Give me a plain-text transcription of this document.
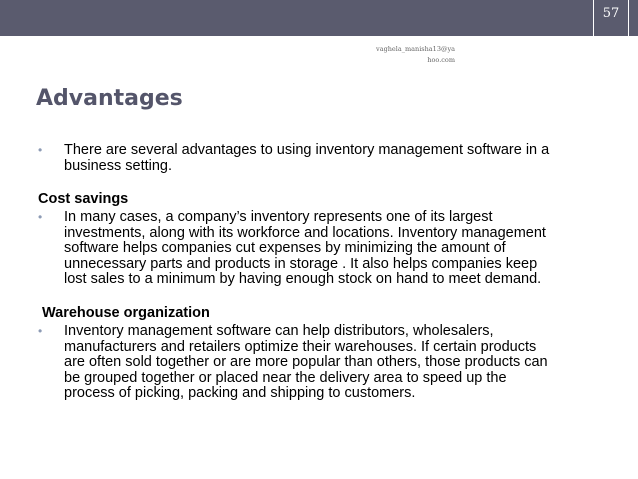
57
vaghela_manisha13@ya
hoo.com
Advantages
• There are several advantages to using inventory management software in a
business setting.
Cost savings
• In many cases, a company’s inventory represents one of its largest
investments, along with its workforce and locations. Inventory management
software helps companies cut expenses by minimizing the amount of
unnecessary parts and products in storage . It also helps companies keep
lost sales to a minimum by having enough stock on hand to meet demand.
Warehouse organization
• Inventory management software can help distributors, wholesalers,
manufacturers and retailers optimize their warehouses. If certain products
are often sold together or are more popular than others, those products can
be grouped together or placed near the delivery area to speed up the
process of picking, packing and shipping to customers.
